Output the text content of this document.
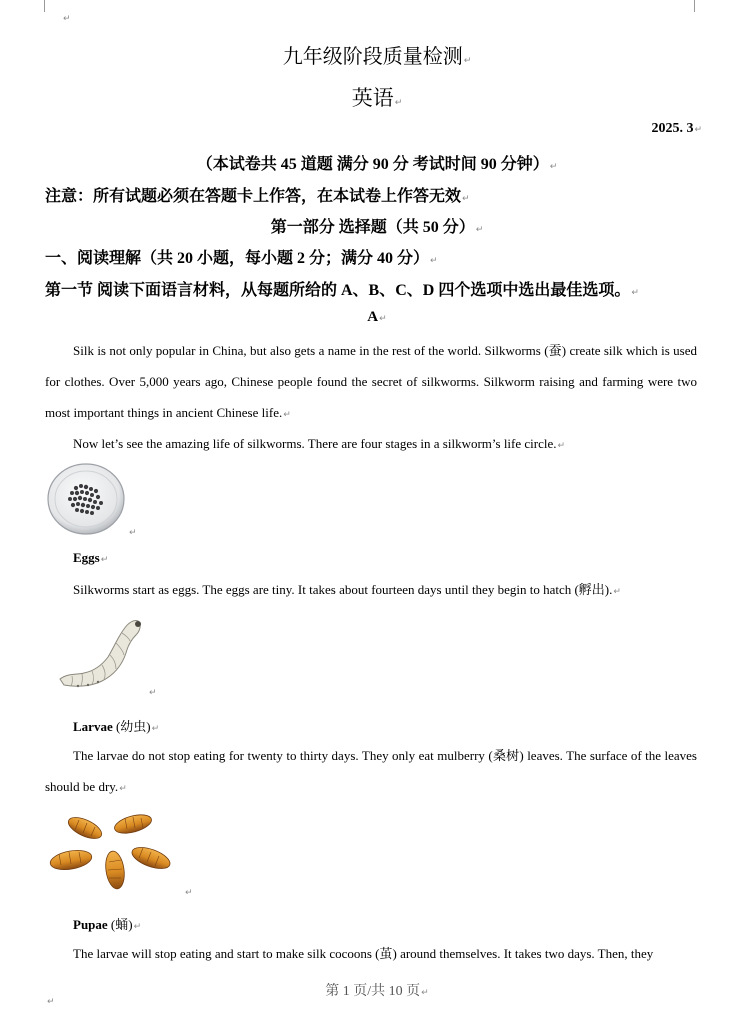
↵
九年级阶段质量检测↵
英语↵
2025. 3↵
（本试卷共 45 道题 满分 90 分 考试时间 90 分钟）↵
注意：所有试题必须在答题卡上作答，在本试卷上作答无效↵
第一部分 选择题（共 50 分）↵
一、阅读理解（共 20 小题，每小题 2 分；满分 40 分）↵
第一节 阅读下面语言材料，从每题所给的 A、B、C、D 四个选项中选出最佳选项。↵
A↵
Silk is not only popular in China, but also gets a name in the rest of the world. Silkworms (蚕) create silk which is used for clothes. Over 5,000 years ago, Chinese people found the secret of silkworms. Silkworm raising and farming were two most important things in ancient Chinese life.↵
Now let’s see the amazing life of silkworms. There are four stages in a silkworm’s life circle.↵
↵
Eggs↵
Silkworms start as eggs. The eggs are tiny. It takes about fourteen days until they begin to hatch (孵出).↵
↵
Larvae (幼虫)↵
The larvae do not stop eating for twenty to thirty days. They only eat mulberry (桑树) leaves. The surface of the leaves should be dry.↵
↵
Pupae (蛹)↵
The larvae will stop eating and start to make silk cocoons (茧) around themselves. It takes two days. Then, they
第 1 页/共 10 页↵
↵
